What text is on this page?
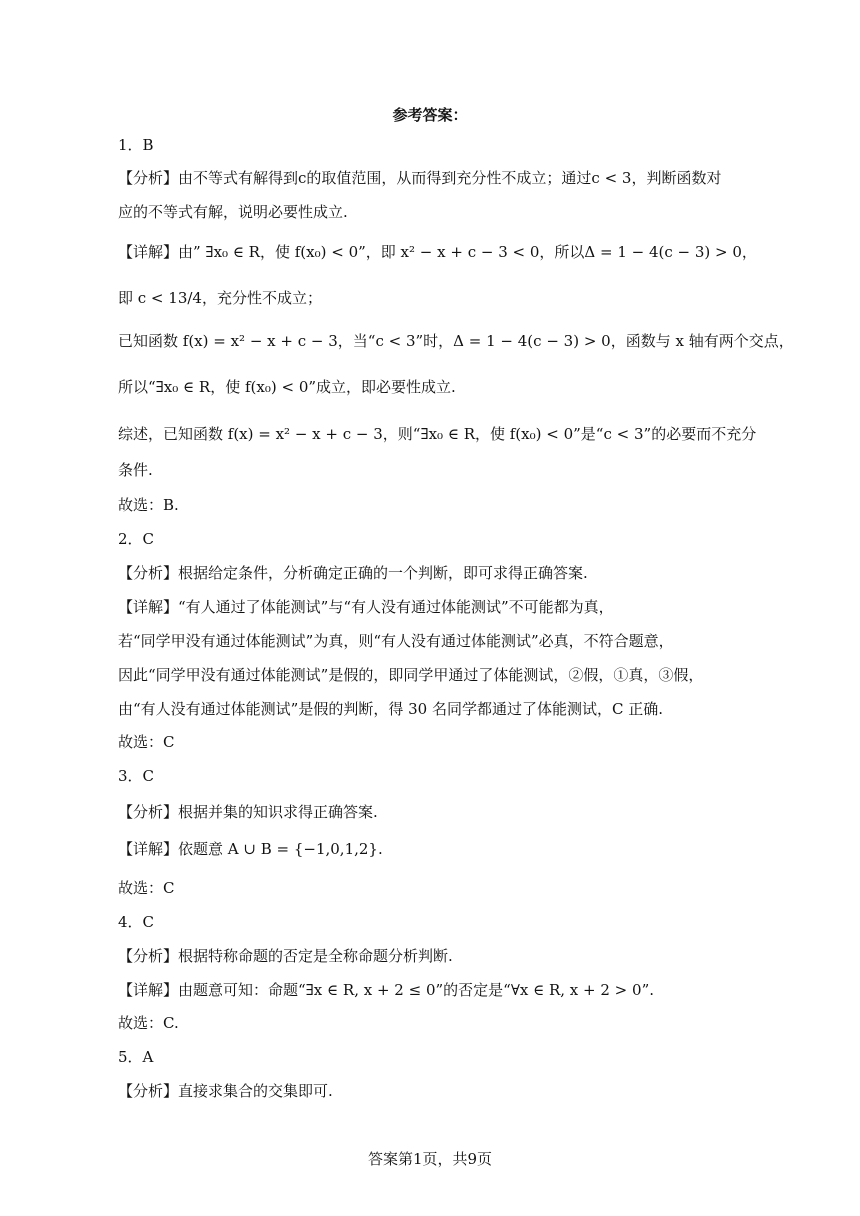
参考答案：
1．B
【分析】由不等式有解得到c的取值范围，从而得到充分性不成立；通过c < 3，判断函数对
应的不等式有解，说明必要性成立.
【详解】由” ∃x₀ ∈ R，使 f(x₀) < 0”，即 x² − x + c − 3 < 0，所以Δ = 1 − 4(c − 3) > 0，
即 c < 13/4，充分性不成立；
已知函数 f(x) = x² − x + c − 3，当“c < 3”时，Δ = 1 − 4(c − 3) > 0，函数与 x 轴有两个交点，
所以“∃x₀ ∈ R，使 f(x₀) < 0”成立，即必要性成立.
综述，已知函数 f(x) = x² − x + c − 3，则“∃x₀ ∈ R，使 f(x₀) < 0”是“c < 3”的必要而不充分
条件.
故选：B.
2．C
【分析】根据给定条件，分析确定正确的一个判断，即可求得正确答案.
【详解】“有人通过了体能测试”与“有人没有通过体能测试”不可能都为真，
若“同学甲没有通过体能测试”为真，则“有人没有通过体能测试”必真，不符合题意，
因此“同学甲没有通过体能测试”是假的，即同学甲通过了体能测试，②假，①真，③假，
由“有人没有通过体能测试”是假的判断，得 30 名同学都通过了体能测试，C 正确.
故选：C
3．C
【分析】根据并集的知识求得正确答案.
【详解】依题意 A ∪ B = {−1,0,1,2}.
故选：C
4．C
【分析】根据特称命题的否定是全称命题分析判断.
【详解】由题意可知：命题“∃x ∈ R, x + 2 ≤ 0”的否定是“∀x ∈ R, x + 2 > 0”.
故选：C.
5．A
【分析】直接求集合的交集即可.
答案第1页，共9页
